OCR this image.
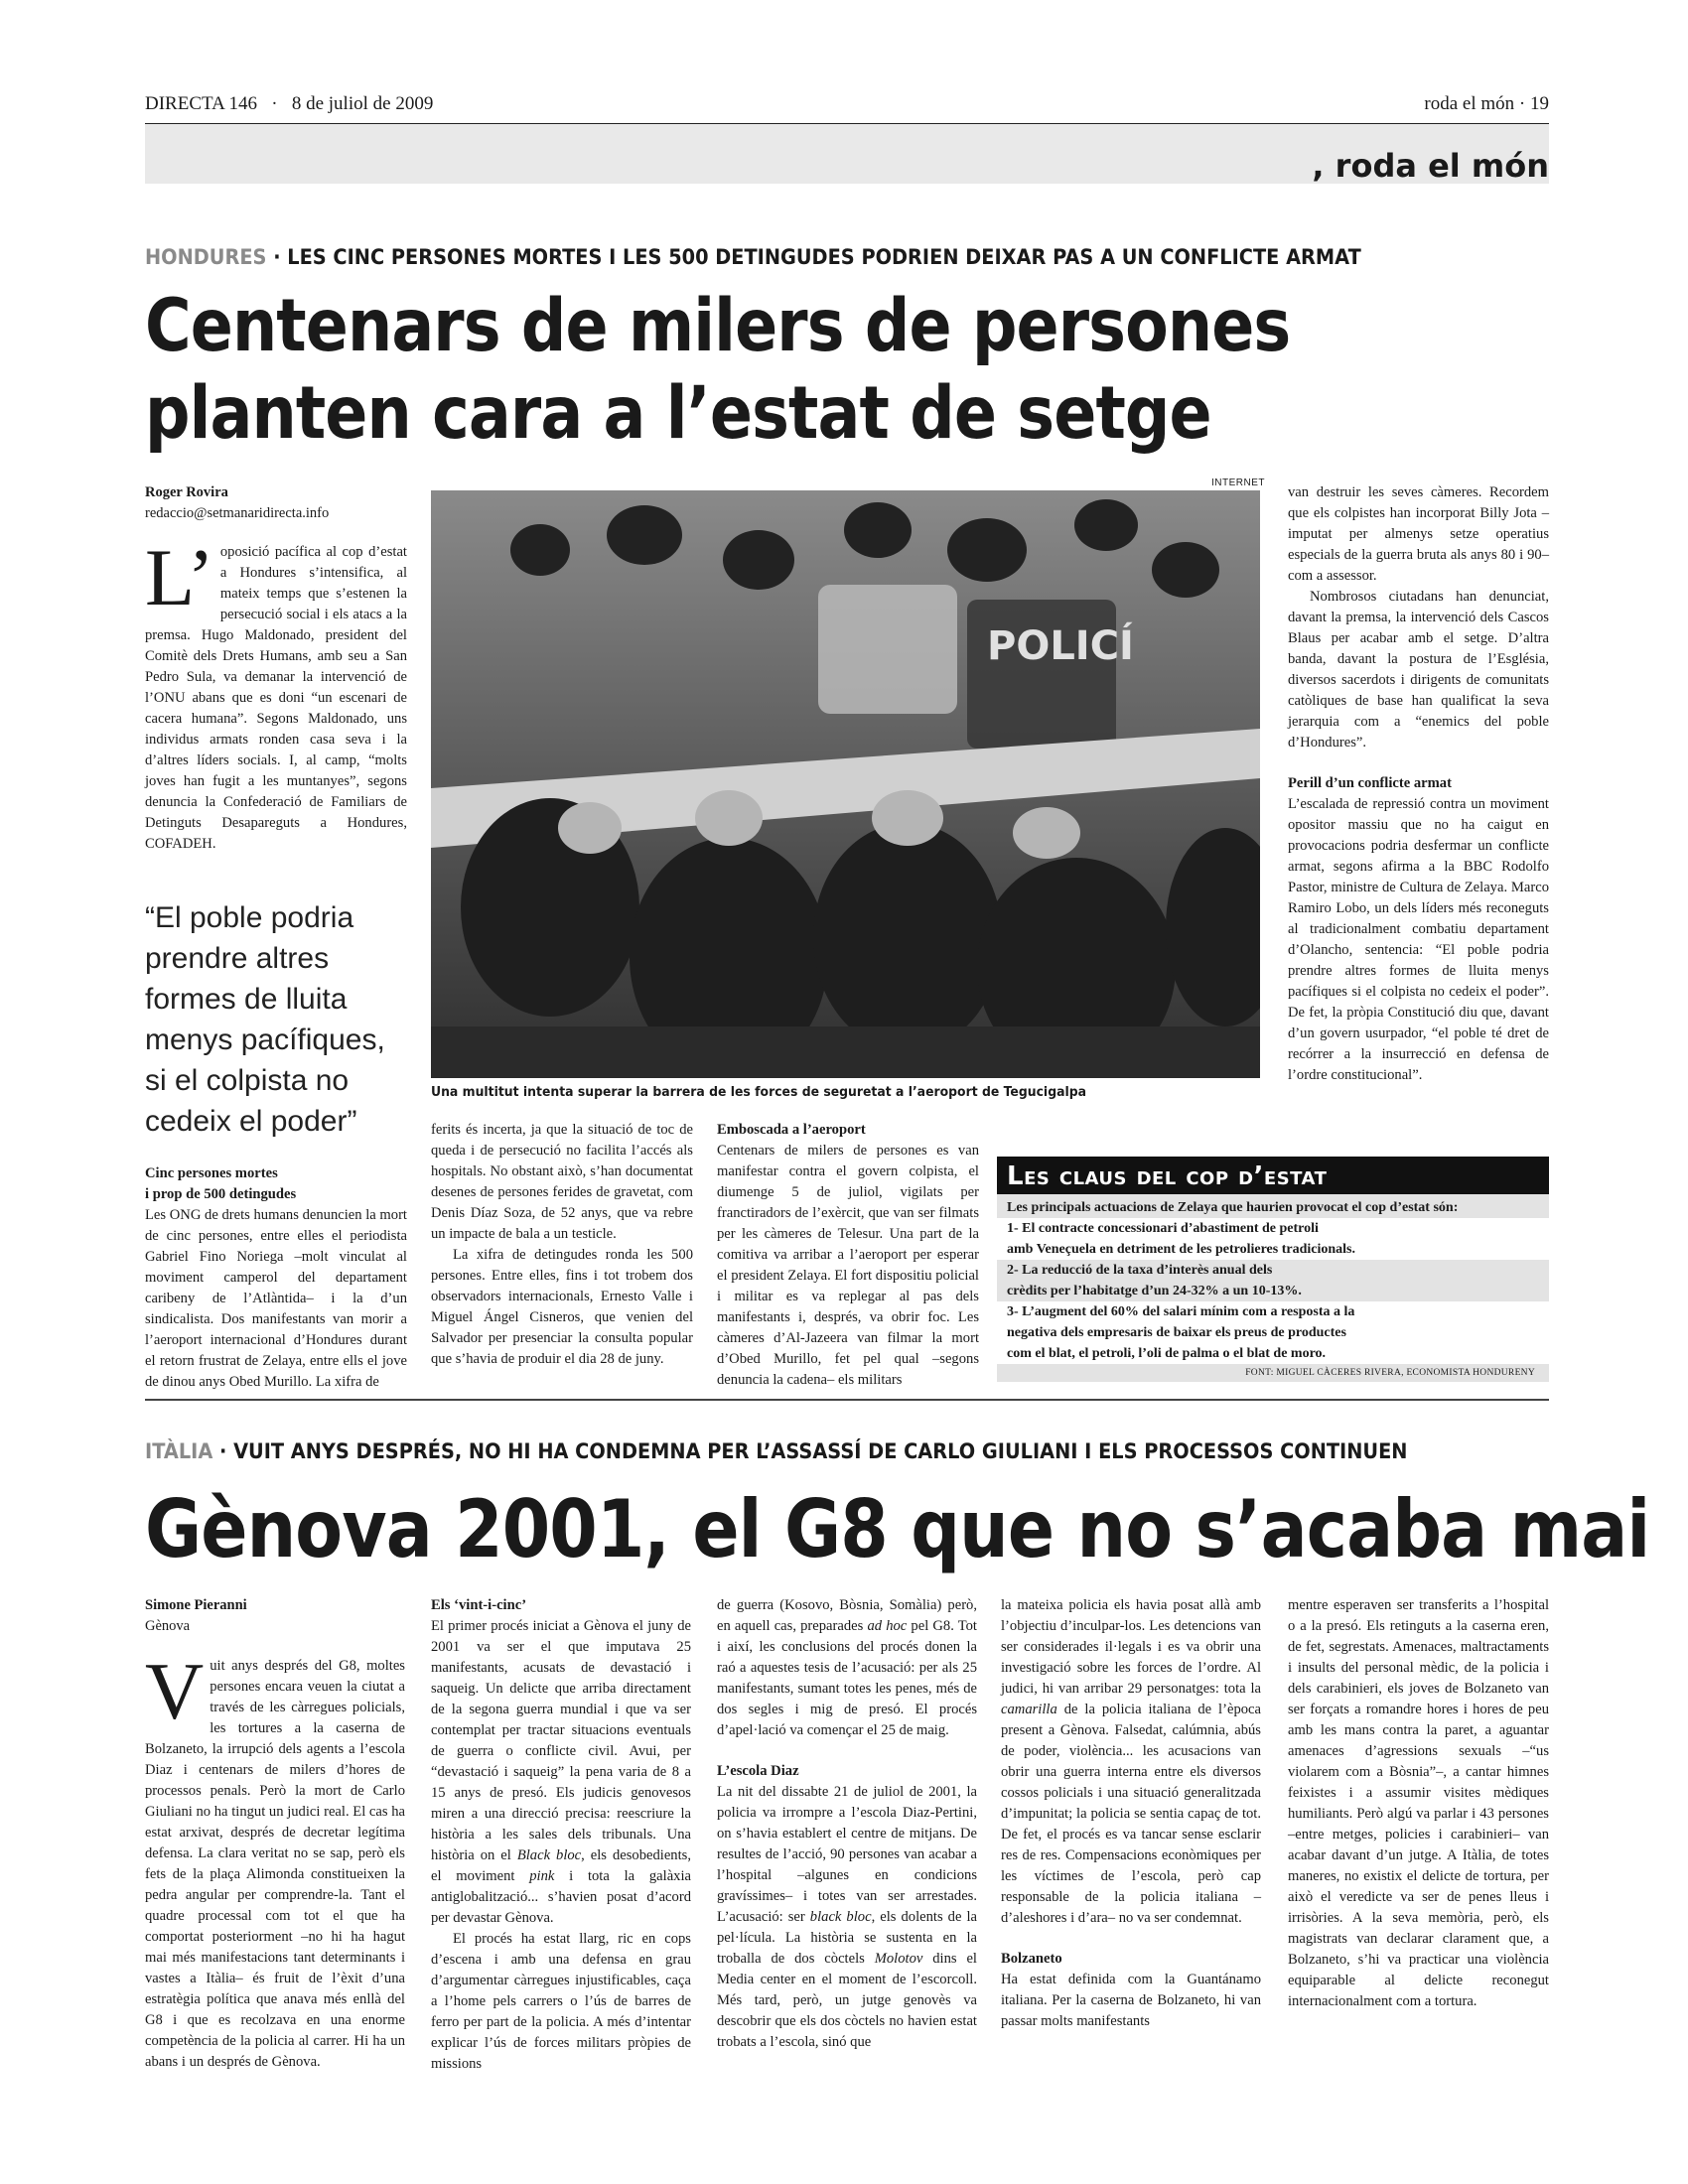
DIRECTA 146   ·   8 de juliol de 2009	roda el món · 19
, roda el món
HONDURES · LES CINC PERSONES MORTES I LES 500 DETINGUDES PODRIEN DEIXAR PAS A UN CONFLICTE ARMAT
Centenars de milers de persones
planten cara a l’estat de setge
Roger Rovira
redaccio@setmanaridirecta.info

L’ oposició pacífica al cop d’estat a Hondures s’intensifica, al mateix temps que s’estenen la persecució social i els atacs a la premsa. Hugo Maldonado, president del Comitè dels Drets Humans, amb seu a San Pedro Sula, va demanar la intervenció de l’ONU abans que es doni “un escenari de cacera humana”. Segons Maldonado, uns individus armats ronden casa seva i la d’altres líders socials. I, al camp, “molts joves han fugit a les muntanyes”, segons denuncia la Confederació de Familiars de Detinguts Desapareguts a Hondures, COFADEH.

“El poble podria prendre altres formes de lluita menys pacífiques, si el colpista no cedeix el poder”
Cinc persones mortes
i prop de 500 detingudes

Les ONG de drets humans denuncien la mort de cinc persones, entre elles el periodista Gabriel Fino Noriega –molt vinculat al moviment camperol del departament caribeny de l’Atlàntida– i la d’un sindicalista. Dos manifestants van morir a l’aeroport internacional d’Hondures durant el retorn frustrat de Zelaya, entre ells el jove de dinou anys Obed Murillo. La xifra de

INTERNET
POLICÍ
Una multitut intenta superar la barrera de les forces de seguretat a l’aeroport de Tegucigalpa

ferits és incerta, ja que la situació de toc de queda i de persecució no facilita l’accés als hospitals. No obstant això, s’han documentat desenes de persones ferides de gravetat, com Denis Díaz Soza, de 52 anys, que va rebre un impacte de bala a un testicle.

La xifra de detingudes ronda les 500 persones. Entre elles, fins i tot trobem dos observadors internacionals, Ernesto Valle i Miguel Ángel Cisneros, que venien del Salvador per presenciar la consulta popular que s’havia de produir el dia 28 de juny.

Emboscada a l’aeroport

Centenars de milers de persones es van manifestar contra el govern colpista, el diumenge 5 de juliol, vigilats per franctiradors de l’exèrcit, que van ser filmats per les càmeres de Telesur. Una part de la comitiva va arribar a l’aeroport per esperar el president Zelaya. El fort dispositiu policial i militar es va replegar al pas dels manifestants i, després, va obrir foc. Les càmeres d’Al-Jazeera van filmar la mort d’Obed Murillo, fet pel qual –segons denuncia la cadena– els militars

van destruir les seves càmeres. Recordem que els colpistes han incorporat Billy Jota –imputat per almenys setze operatius especials de la guerra bruta als anys 80 i 90– com a assessor.

Nombrosos ciutadans han denunciat, davant la premsa, la intervenció dels Cascos Blaus per acabar amb el setge. D’altra banda, davant la postura de l’Església, diversos sacerdots i dirigents de comunitats catòliques de base han qualificat la seva jerarquia com a “enemics del poble d’Hondures”.

Perill d’un conflicte armat

L’escalada de repressió contra un moviment opositor massiu que no ha caigut en provocacions podria desfermar un conflicte armat, segons afirma a la BBC Rodolfo Pastor, ministre de Cultura de Zelaya. Marco Ramiro Lobo, un dels líders més reconeguts al tradicionalment combatiu departament d’Olancho, sentencia: “El poble podria prendre altres formes de lluita menys pacífiques si el colpista no cedeix el poder”. De fet, la pròpia Constitució diu que, davant d’un govern usurpador, “el poble té dret de recórrer a la insurrecció en defensa de l’ordre constitucional”.

Les claus del cop d’estat
Les principals actuacions de Zelaya que haurien provocat el cop d’estat són:
1- El contracte concessionari d’abastiment de petroli
amb Veneçuela en detriment de les petrolieres tradicionals.
2- La reducció de la taxa d’interès anual dels
crèdits per l’habitatge d’un 24-32% a un 10-13%.
3- L’augment del 60% del salari mínim com a resposta a la
negativa dels empresaris de baixar els preus de productes
com el blat, el petroli, l’oli de palma o el blat de moro.
FONT: MIGUEL CÀCERES RIVERA, ECONOMISTA HONDURENY
ITÀLIA · VUIT ANYS DESPRÉS, NO HI HA CONDEMNA PER L’ASSASSÍ DE CARLO GIULIANI I ELS PROCESSOS CONTINUEN
Gènova 2001, el G8 que no s’acaba mai
Simone Pieranni
Gènova

Vuit anys després del G8, moltes persones encara veuen la ciutat a través de les càrregues policials, les tortures a la caserna de Bolzaneto, la irrupció dels agents a l’escola Diaz i centenars de milers d’hores de processos penals. Però la mort de Carlo Giuliani no ha tingut un judici real. El cas ha estat arxivat, després de decretar legítima defensa. La clara veritat no se sap, però els fets de la plaça Alimonda constitueixen la pedra angular per comprendre-la. Tant el quadre processal com tot el que ha comportat posteriorment –no hi ha hagut mai més manifestacions tant determinants i vastes a Itàlia– és fruit de l’èxit d’una estratègia política que anava més enllà del G8 i que es recolzava en una enorme competència de la policia al carrer. Hi ha un abans i un després de Gènova.

Els ‘vint-i-cinc’

El primer procés iniciat a Gènova el juny de 2001 va ser el que imputava 25 manifestants, acusats de devastació i saqueig. Un delicte que arriba directament de la segona guerra mundial i que va ser contemplat per tractar situacions eventuals de guerra o conflicte civil. Avui, per “devastació i saqueig” la pena varia de 8 a 15 anys de presó. Els judicis genovesos miren a una direcció precisa: reescriure la història a les sales dels tribunals. Una història on el Black bloc, els desobedients, el moviment pink i tota la galàxia antiglobalització... s’havien posat d’acord per devastar Gènova.

El procés ha estat llarg, ric en cops d’escena i amb una defensa en grau d’argumentar càrregues injustificables, caça a l’home pels carrers o l’ús de barres de ferro per part de la policia. A més d’intentar explicar l’ús de forces militars pròpies de missions

de guerra (Kosovo, Bòsnia, Somàlia) però, en aquell cas, preparades ad hoc pel G8. Tot i així, les conclusions del procés donen la raó a aquestes tesis de l’acusació: per als 25 manifestants, sumant totes les penes, més de dos segles i mig de presó. El procés d’apel·lació va començar el 25 de maig.

L’escola Diaz

La nit del dissabte 21 de juliol de 2001, la policia va irrompre a l’escola Diaz-Pertini, on s’havia establert el centre de mitjans. De resultes de l’acció, 90 persones van acabar a l’hospital –algunes en condicions gravíssimes– i totes van ser arrestades. L’acusació: ser black bloc, els dolents de la pel·lícula. La història se sustenta en la troballa de dos còctels Molotov dins el Media center en el moment de l’escorcoll. Més tard, però, un jutge genovès va descobrir que els dos còctels no havien estat trobats a l’escola, sinó que

la mateixa policia els havia posat allà amb l’objectiu d’inculpar-los. Les detencions van ser considerades il·legals i es va obrir una investigació sobre les forces de l’ordre. Al judici, hi van arribar 29 personatges: tota la camarilla de la policia italiana de l’època present a Gènova. Falsedat, calúmnia, abús de poder, violència... les acusacions van obrir una guerra interna entre els diversos cossos policials i una situació generalitzada d’impunitat; la policia se sentia capaç de tot. De fet, el procés es va tancar sense esclarir res de res. Compensacions econòmiques per les víctimes de l’escola, però cap responsable de la policia italiana –d’aleshores i d’ara– no va ser condemnat.

Bolzaneto

Ha estat definida com la Guantánamo italiana. Per la caserna de Bolzaneto, hi van passar molts manifestants

mentre esperaven ser transferits a l’hospital o a la presó. Els retinguts a la caserna eren, de fet, segrestats. Amenaces, maltractaments i insults del personal mèdic, de la policia i dels carabinieri, els joves de Bolzaneto van ser forçats a romandre hores i hores de peu amb les mans contra la paret, a aguantar amenaces d’agressions sexuals –“us violarem com a Bòsnia”–, a cantar himnes feixistes i a assumir visites mèdiques humiliants. Però algú va parlar i 43 persones –entre metges, policies i carabinieri– van acabar davant d’un jutge. A Itàlia, de totes maneres, no existix el delicte de tortura, per això el veredicte va ser de penes lleus i irrisòries. A la seva memòria, però, els magistrats van declarar clarament que, a Bolzaneto, s’hi va practicar una violència equiparable al delicte reconegut internacionalment com a tortura.
